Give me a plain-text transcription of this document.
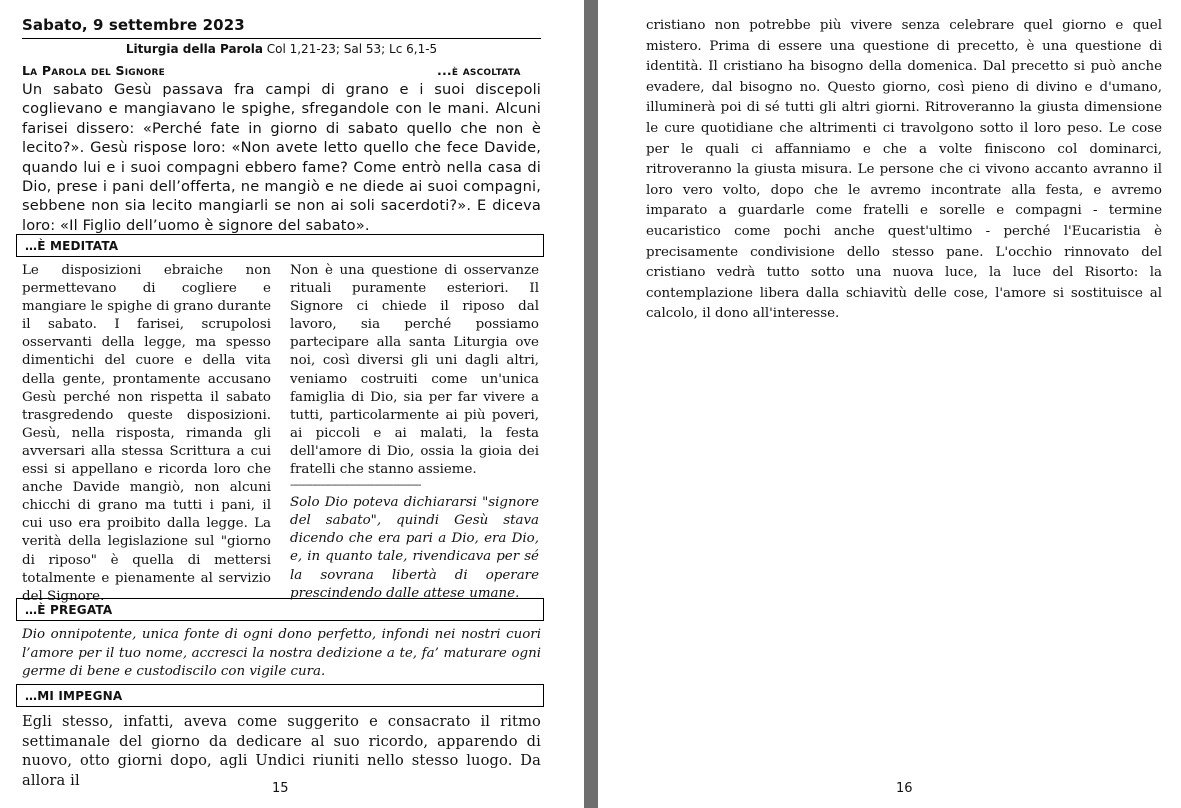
Sabato, 9 settembre 2023
Liturgia della Parola Col 1,21-23; Sal 53; Lc 6,1-5
La Parola del Signore	...è ascoltata
Un sabato Gesù passava fra campi di grano e i suoi discepoli coglievano e mangiavano le spighe, sfregandole con le mani. Alcuni farisei dissero: «Perché fate in giorno di sabato quello che non è lecito?». Gesù rispose loro: «Non avete letto quello che fece Davide, quando lui e i suoi compagni ebbero fame? Come entrò nella casa di Dio, prese i pani dell’offerta, ne mangiò e ne diede ai suoi compagni, sebbene non sia lecito mangiarli se non ai soli sacerdoti?». E diceva loro: «Il Figlio dell’uomo è signore del sabato».
…È MEDITATA
Le disposizioni ebraiche non permettevano di cogliere e mangiare le spighe di grano durante il sabato. I farisei, scrupolosi osservanti della legge, ma spesso dimentichi del cuore e della vita della gente, prontamente accusano Gesù perché non rispetta il sabato trasgredendo queste disposizioni. Gesù, nella risposta, rimanda gli avversari alla stessa Scrittura a cui essi si appellano e ricorda loro che anche Davide mangiò, non alcuni chicchi di grano ma tutti i pani, il cui uso era proibito dalla legge. La verità della legislazione sul "giorno di riposo" è quella di mettersi totalmente e pienamente al servizio del Signore.
Non è una questione di osservanze rituali puramente esteriori. Il Signore ci chiede il riposo dal lavoro, sia perché possiamo partecipare alla santa Liturgia ove noi, così diversi gli uni dagli altri, veniamo costruiti come un'unica famiglia di Dio, sia per far vivere a tutti, particolarmente ai più poveri, ai piccoli e ai malati, la festa dell'amore di Dio, ossia la gioia dei fratelli che stanno assieme.
------------------------------------------------
Solo Dio poteva dichiararsi "signore del sabato", quindi Gesù stava dicendo che era pari a Dio, era Dio, e, in quanto tale, rivendicava per sé la sovrana libertà di operare prescindendo dalle attese umane.
…È PREGATA
Dio onnipotente, unica fonte di ogni dono perfetto, infondi nei nostri cuori l’amore per il tuo nome, accresci la nostra dedizione a te, fa’ maturare ogni germe di bene e custodiscilo con vigile cura.
…MI IMPEGNA
Egli stesso, infatti, aveva come suggerito e consacrato il ritmo settimanale del giorno da dedicare al suo ricordo, apparendo di nuovo, otto giorni dopo, agli Undici riuniti nello stesso luogo. Da allora il	15
cristiano non potrebbe più vivere senza celebrare quel giorno e quel mistero. Prima di essere una questione di precetto, è una questione di identità. Il cristiano ha bisogno della domenica. Dal precetto si può anche evadere, dal bisogno no. Questo giorno, così pieno di divino e d'umano, illuminerà poi di sé tutti gli altri giorni. Ritroveranno la giusta dimensione le cure quotidiane che altrimenti ci travolgono sotto il loro peso. Le cose per le quali ci affanniamo e che a volte finiscono col dominarci, ritroveranno la giusta misura. Le persone che ci vivono accanto avranno il loro vero volto, dopo che le avremo incontrate alla festa, e avremo imparato a guardarle come fratelli e sorelle e compagni - termine eucaristico come pochi anche quest'ultimo - perché l'Eucaristia è precisamente condivisione dello stesso pane. L'occhio rinnovato del cristiano vedrà tutto sotto una nuova luce, la luce del Risorto: la contemplazione libera dalla schiavitù delle cose, l'amore si sostituisce al calcolo, il dono all'interesse.
16
